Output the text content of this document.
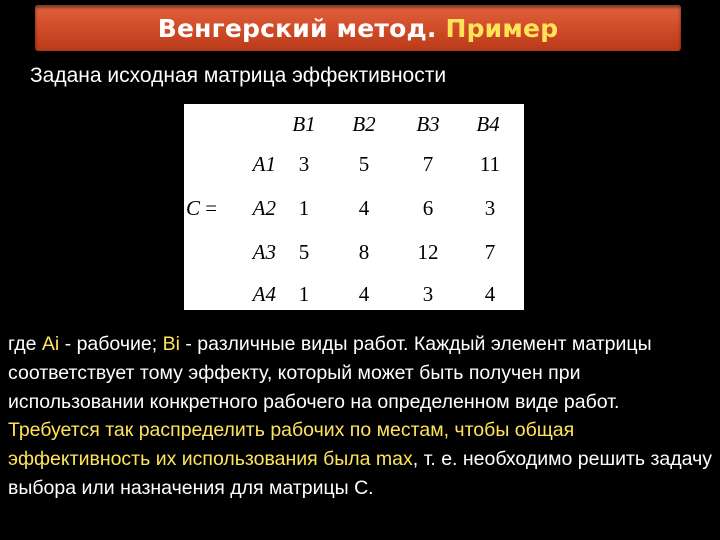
Венгерский метод.
Пример
Задана исходная матрица эффективности
B1	B2	B3	B4
C =
A1	3	5	7	11
A2	1	4	6	3
A3	5	8	12	7
A4	1	4	3	4
где Ai - рабочие; Bi - различные виды работ. Каждый элемент матрицы соответствует тому эффекту, который может быть получен при использовании конкретного рабочего на определенном виде работ.
Требуется так распределить рабочих по местам, чтобы общая эффективность их использования была max, т. е. необходимо решить задачу выбора или назначения для матрицы С.
